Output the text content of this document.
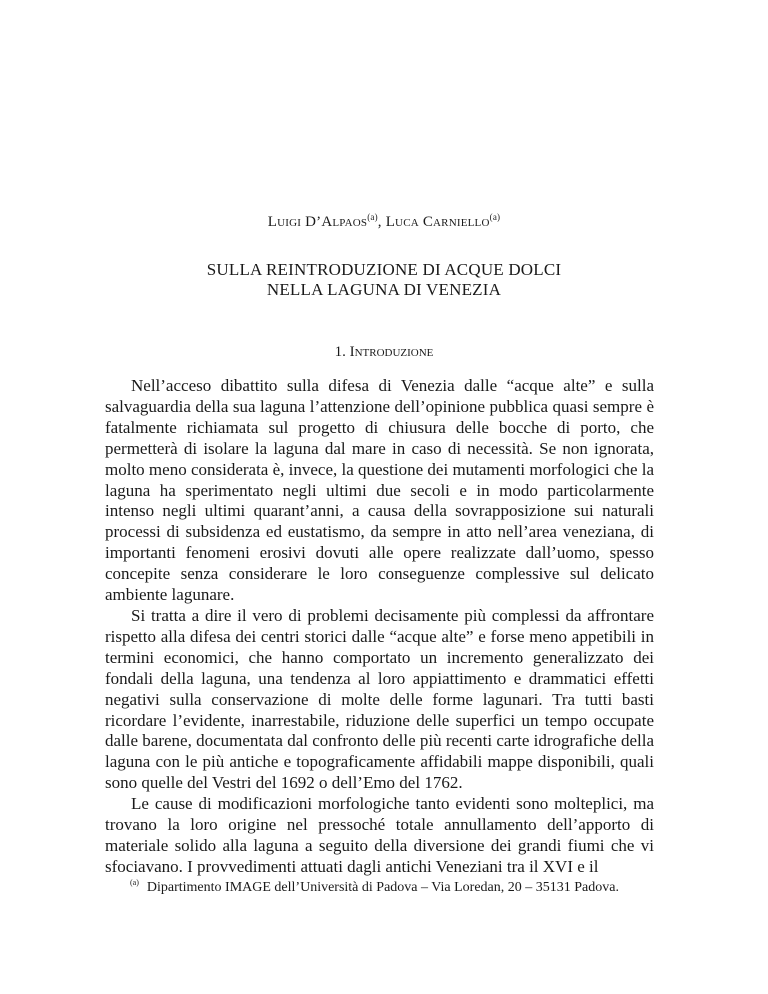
Luigi D’Alpaos$^{(a)}$, Luca Carniello$^{(a)}$
SULLA REINTRODUZIONE DI ACQUE DOLCI
NELLA LAGUNA DI VENEZIA
1. Introduzione

Nell’acceso dibattito sulla difesa di Venezia dalle “acque alte” e sulla salvaguardia della sua laguna l’attenzione dell’opinione pubblica quasi sempre è fatalmente richiamata sul progetto di chiusura delle bocche di porto, che permetterà di isolare la laguna dal mare in caso di necessità. Se non ignorata, molto meno considerata è, invece, la questione dei mutamenti morfologici che la laguna ha sperimentato negli ultimi due secoli e in modo particolarmente intenso negli ultimi quarant’anni, a causa della sovrapposizione sui naturali processi di subsidenza ed eustatismo, da sempre in atto nell’area veneziana, di importanti fenomeni erosivi dovuti alle opere realizzate dall’uomo, spesso concepite senza considerare le loro conseguenze complessive sul delicato ambiente lagunare.

Si tratta a dire il vero di problemi decisamente più complessi da affrontare rispetto alla difesa dei centri storici dalle “acque alte” e forse meno appetibili in termini economici, che hanno comportato un incremento generalizzato dei fondali della laguna, una tendenza al loro appiattimento e drammatici effetti negativi sulla conservazione di molte delle forme lagunari. Tra tutti basti ricordare l’evidente, inarrestabile, riduzione delle superfici un tempo occupate dalle barene, documentata dal confronto delle più recenti carte idrografiche della laguna con le più antiche e topograficamente affidabili mappe disponibili, quali sono quelle del Vestri del 1692 o dell’Emo del 1762.

Le cause di modificazioni morfologiche tanto evidenti sono molteplici, ma trovano la loro origine nel pressoché totale annullamento dell’apporto di materiale solido alla laguna a seguito della diversione dei grandi fiumi che vi sfociavano. I provvedimenti attuati dagli antichi Veneziani tra il XVI e il

$^{(a)}$ Dipartimento IMAGE dell’Università di Padova – Via Loredan, 20 – 35131 Padova.
